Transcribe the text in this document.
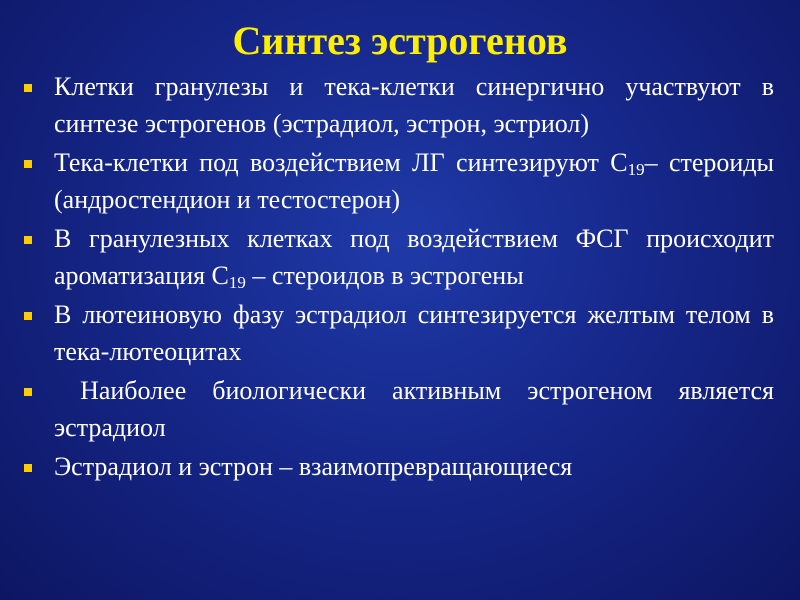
Синтез эстрогенов
Клетки гранулезы и тека-клетки синергично участвуют в синтезе эстрогенов (эстрадиол, эстрон, эстриол)
Тека-клетки под воздействием ЛГ синтезируют $С_{19}-$ стероиды (андростендион и тестостерон)
В гранулезных клетках под воздействием ФСГ происходит ароматизация $С_{19}$ – стероидов в эстрогены
В лютеиновую фазу эстрадиол синтезируется желтым телом в тека-лютеоцитах
Наиболее биологически активным эстрогеном является эстрадиол
Эстрадиол и эстрон – взаимопревращающиеся
